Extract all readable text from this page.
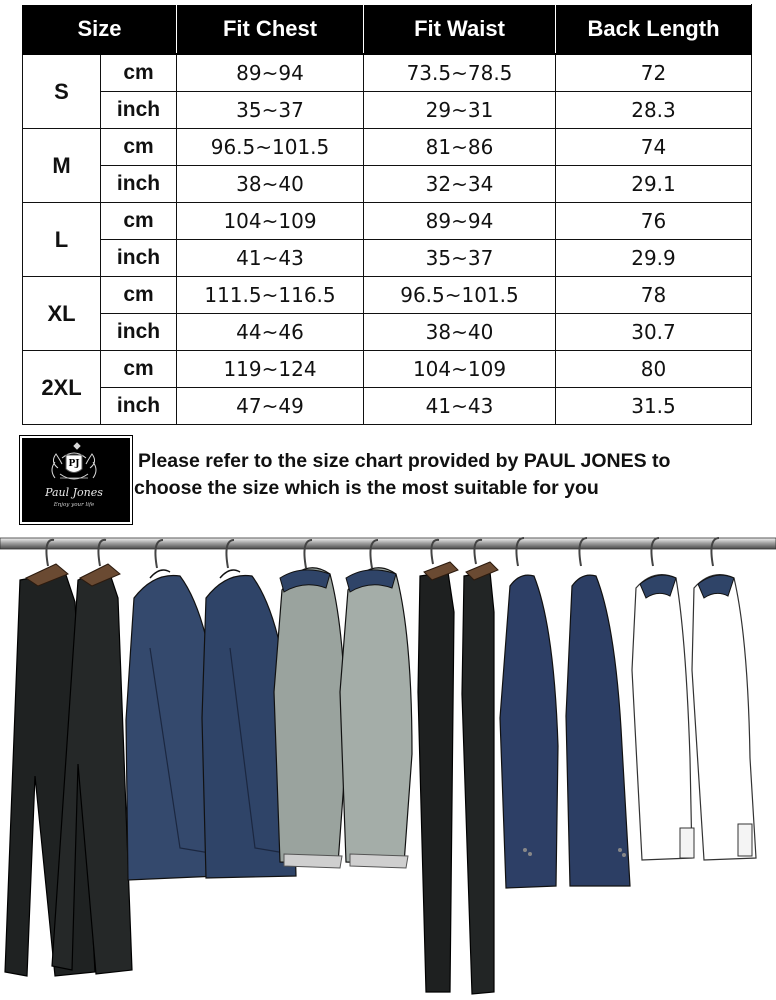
Size		Fit Chest	Fit Waist	Back Length
S	cm	89~94	73.5~78.5	72
	inch	35~37	29~31	28.3
M	cm	96.5~101.5	81~86	74
	inch	38~40	32~34	29.1
L	cm	104~109	89~94	76
	inch	41~43	35~37	29.9
XL	cm	111.5~116.5	96.5~101.5	78
	inch	44~46	38~40	30.7
2XL	cm	119~124	104~109	80
	inch	47~49	41~43	31.5
PJ
Paul Jones
Enjoy your life
Please refer to the size chart provided by PAUL JONES to
choose the size which is the most suitable for you
